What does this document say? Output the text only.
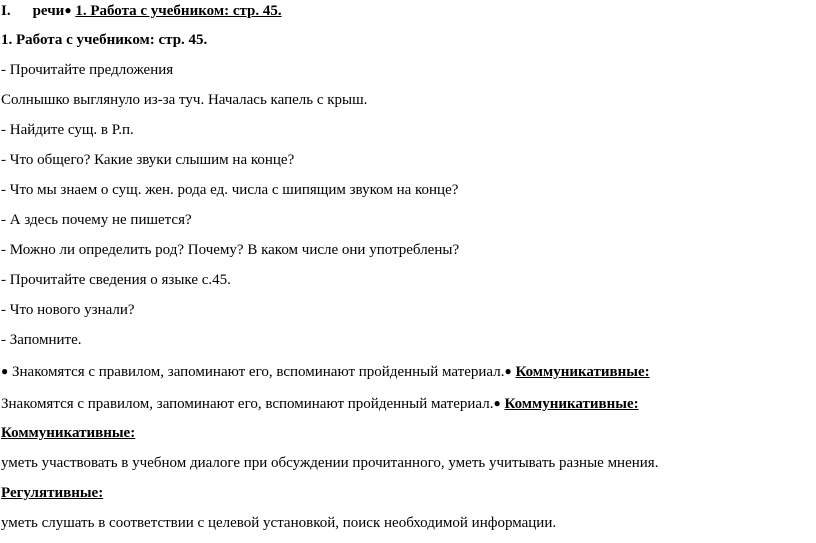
I. речи● 1. Работа с учебником: стр. 45.
1. Работа с учебником: стр. 45.
- Прочитайте предложения
Солнышко выглянуло из-за туч. Началась капель с крыш.
- Найдите сущ. в Р.п.
- Что общего? Какие звуки слышим на конце?
- Что мы знаем о сущ. жен. рода ед. числа с шипящим звуком на конце?
- А здесь почему не пишется?
- Можно ли определить род? Почему? В каком числе они употреблены?
- Прочитайте сведения о языке с.45.
- Что нового узнали?
- Запомните.
● Знакомятся с правилом, запоминают его, вспоминают пройденный материал.● Коммуникативные:
Знакомятся с правилом, запоминают его, вспоминают пройденный материал.● Коммуникативные:
Коммуникативные:
уметь участвовать в учебном диалоге при обсуждении прочитанного, уметь учитывать разные мнения.
Регулятивные:
уметь слушать в соответствии с целевой установкой, поиск необходимой информации.
